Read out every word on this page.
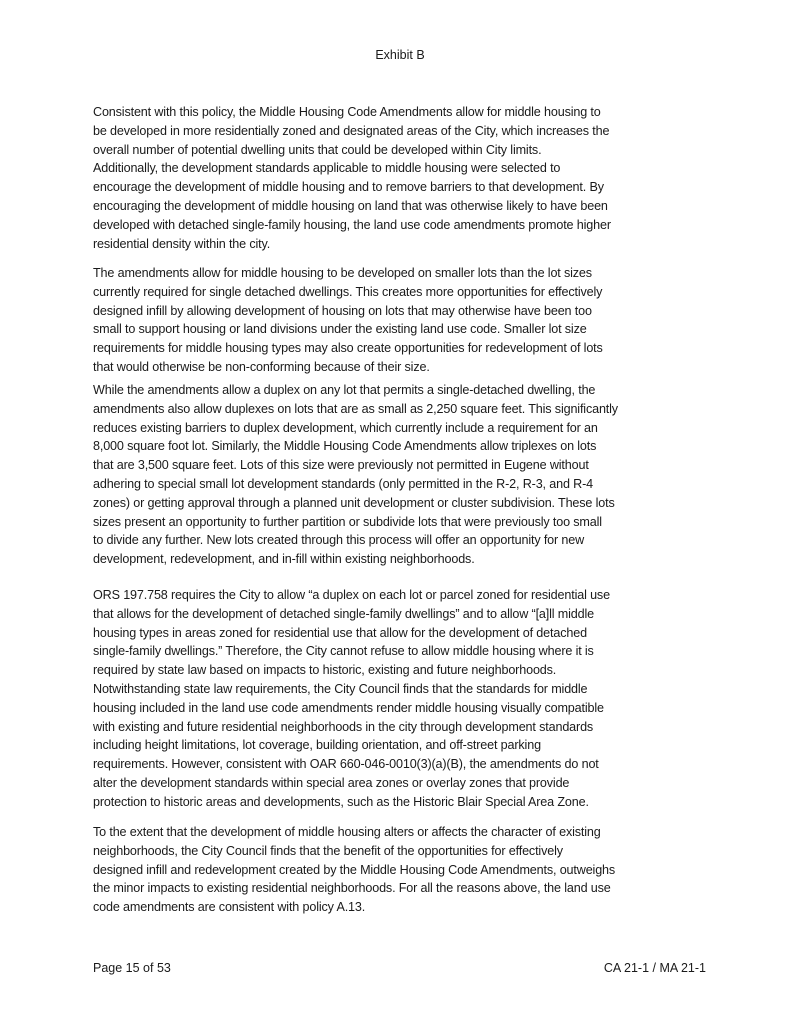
Exhibit B
Consistent with this policy, the Middle Housing Code Amendments allow for middle housing to
be developed in more residentially zoned and designated areas of the City, which increases the
overall number of potential dwelling units that could be developed within City limits.
Additionally, the development standards applicable to middle housing were selected to
encourage the development of middle housing and to remove barriers to that development. By
encouraging the development of middle housing on land that was otherwise likely to have been
developed with detached single-family housing, the land use code amendments promote higher
residential density within the city.
The amendments allow for middle housing to be developed on smaller lots than the lot sizes
currently required for single detached dwellings. This creates more opportunities for effectively
designed infill by allowing development of housing on lots that may otherwise have been too
small to support housing or land divisions under the existing land use code. Smaller lot size
requirements for middle housing types may also create opportunities for redevelopment of lots
that would otherwise be non-conforming because of their size.
While the amendments allow a duplex on any lot that permits a single-detached dwelling, the
amendments also allow duplexes on lots that are as small as 2,250 square feet. This significantly
reduces existing barriers to duplex development, which currently include a requirement for an
8,000 square foot lot. Similarly, the Middle Housing Code Amendments allow triplexes on lots
that are 3,500 square feet. Lots of this size were previously not permitted in Eugene without
adhering to special small lot development standards (only permitted in the R-2, R-3, and R-4
zones) or getting approval through a planned unit development or cluster subdivision. These lots
sizes present an opportunity to further partition or subdivide lots that were previously too small
to divide any further. New lots created through this process will offer an opportunity for new
development, redevelopment, and in-fill within existing neighborhoods.
ORS 197.758 requires the City to allow “a duplex on each lot or parcel zoned for residential use
that allows for the development of detached single-family dwellings” and to allow “[a]ll middle
housing types in areas zoned for residential use that allow for the development of detached
single-family dwellings.” Therefore, the City cannot refuse to allow middle housing where it is
required by state law based on impacts to historic, existing and future neighborhoods.
Notwithstanding state law requirements, the City Council finds that the standards for middle
housing included in the land use code amendments render middle housing visually compatible
with existing and future residential neighborhoods in the city through development standards
including height limitations, lot coverage, building orientation, and off-street parking
requirements. However, consistent with OAR 660-046-0010(3)(a)(B), the amendments do not
alter the development standards within special area zones or overlay zones that provide
protection to historic areas and developments, such as the Historic Blair Special Area Zone.
To the extent that the development of middle housing alters or affects the character of existing
neighborhoods, the City Council finds that the benefit of the opportunities for effectively
designed infill and redevelopment created by the Middle Housing Code Amendments, outweighs
the minor impacts to existing residential neighborhoods. For all the reasons above, the land use
code amendments are consistent with policy A.13.
Page 15 of 53	CA 21-1 / MA 21-1
